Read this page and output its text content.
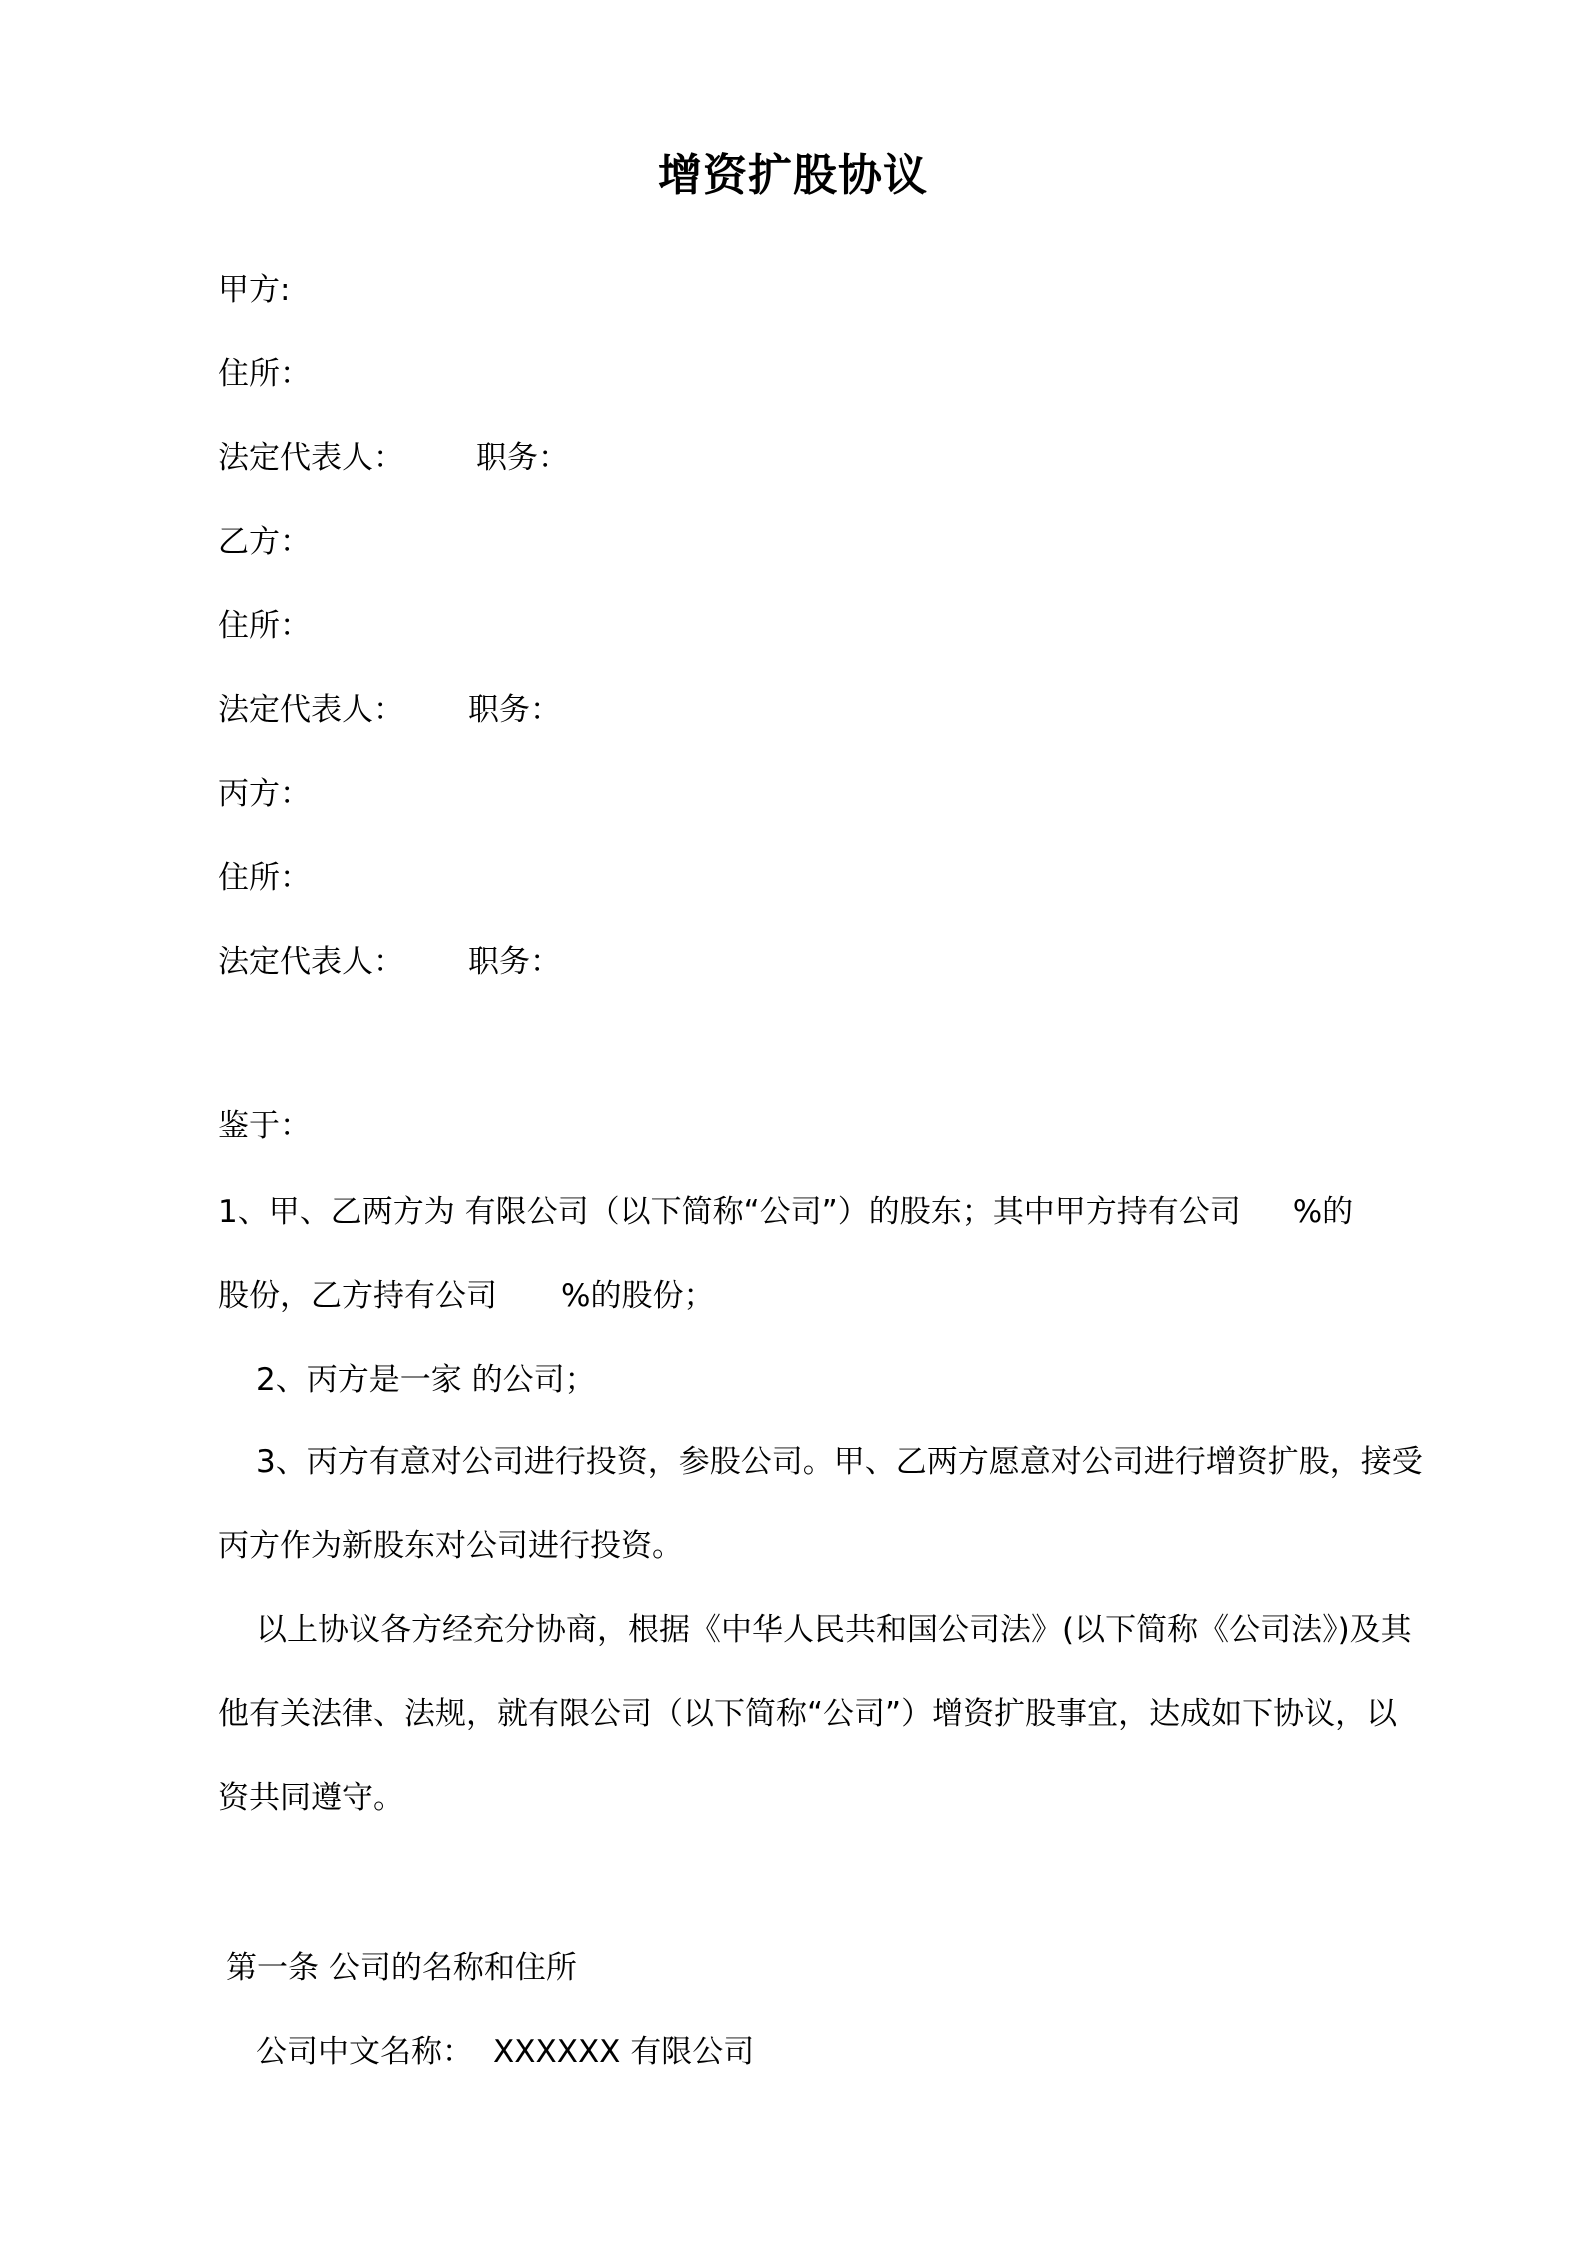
增资扩股协议
甲方:
住所：
法定代表人： 职务：
乙方：
住所：
法定代表人： 职务：
丙方：
住所：
法定代表人： 职务：
鉴于：
1、甲、乙两方为 有限公司（以下简称“公司”）的股东；其中甲方持有公司 %的
股份，乙方持有公司 %的股份；
2、丙方是一家 的公司；
3、丙方有意对公司进行投资，参股公司。甲、乙两方愿意对公司进行增资扩股，接受丙方作为新股东对公司进行投资。
以上协议各方经充分协商，根据《中华人民共和国公司法》(以下简称《公司法》)及其他有关法律、法规，就有限公司（以下简称“公司”）增资扩股事宜，达成如下协议，以资共同遵守。
第一条 公司的名称和住所
公司中文名称： XXXXXX 有限公司
